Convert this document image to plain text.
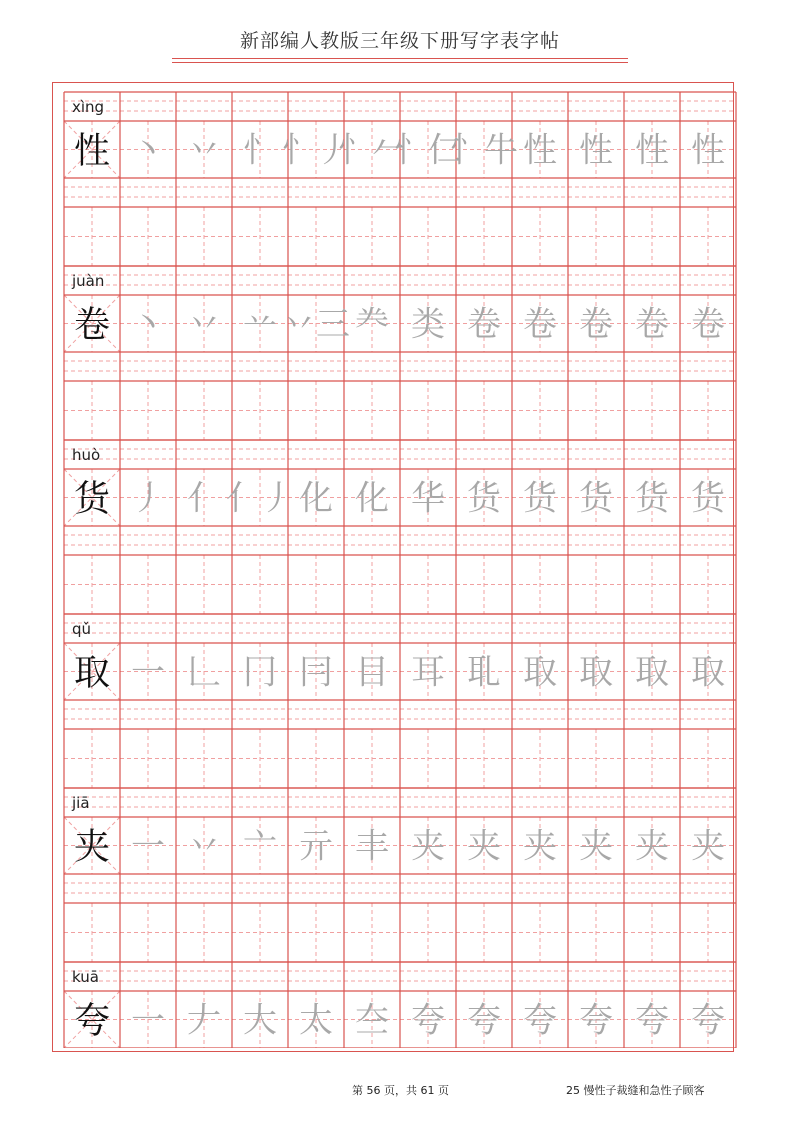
新部编人教版三年级下册写字表字帖
xìng
性 丶 丷 忄 忄丿
忄𠂉
忄仁
忄牛 性 性 性 性
juàn
卷 丶 丷 䒑 丷三 龹 类 卷 卷 卷 卷 卷
huò
货 丿 亻 亻丿 化 化 华 货 货 货 货 货
qǔ
取 一 𠃊 冂 冃 目 耳 耴 取 取 取 取
jiā
夹 一 丷 亠 亓 丰 夹 夹 夹 夹 夹 夹
kuā
夸 一 𠂇 大 太 夳 夸 夸 夸 夸 夸 夸
第 56 页，共 61 页	25 慢性子裁缝和急性子顾客
